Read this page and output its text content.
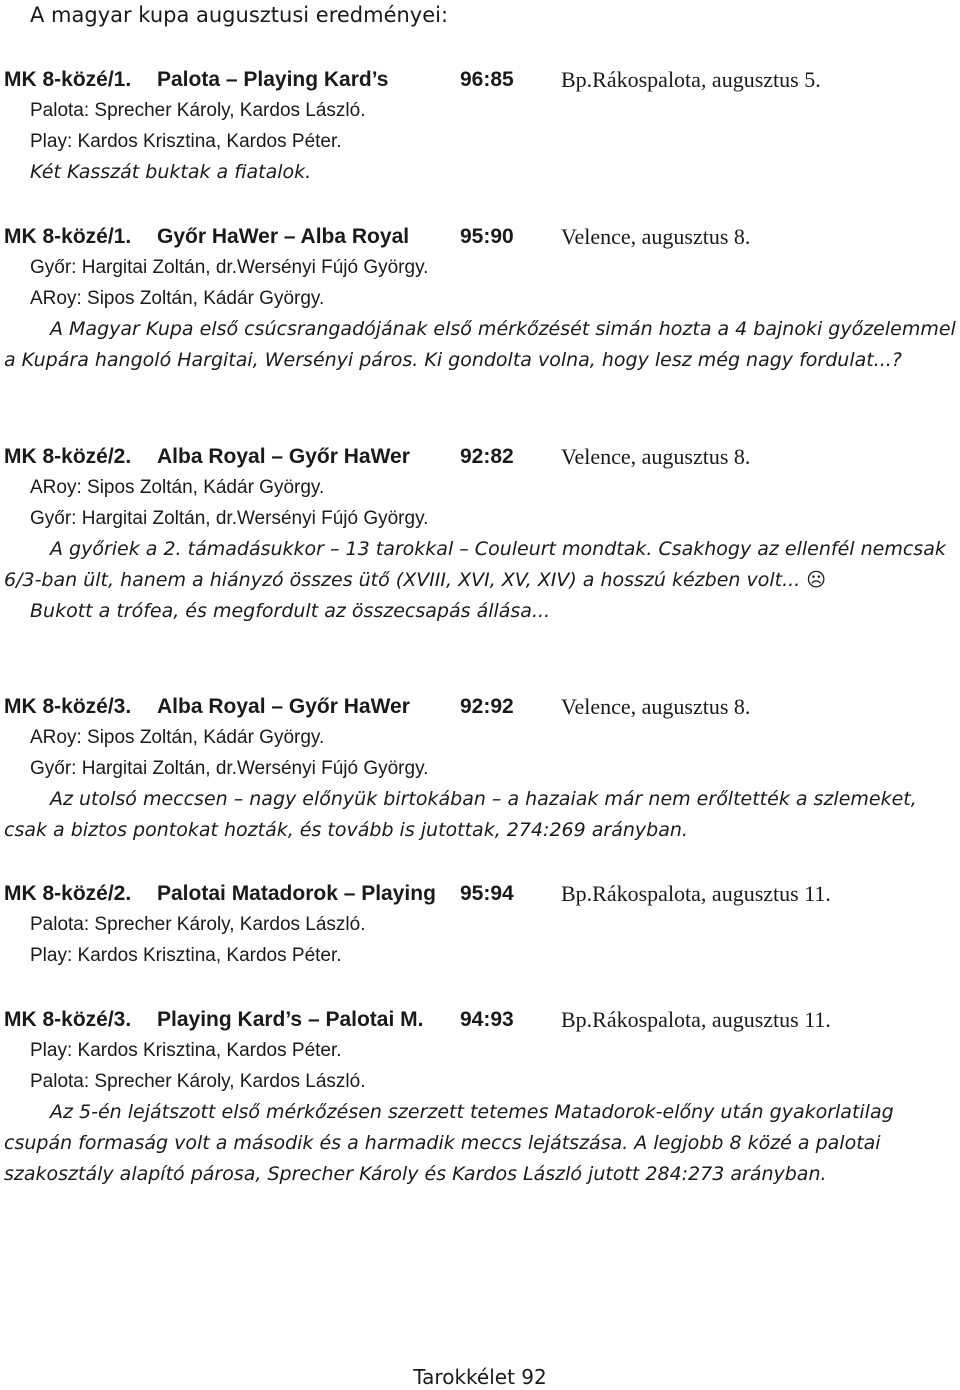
A magyar kupa augusztusi eredményei:
MK 8-közé/1. Palota – Playing Kard’s	96:85 Bp.Rákospalota, augusztus 5.
Palota: Sprecher Károly, Kardos László.
Play: Kardos Krisztina, Kardos Péter.

Két Kasszát buktak a fiatalok.

MK 8-közé/1. Győr HaWer – Alba Royal 95:90 Velence, augusztus 8.
Győr: Hargitai Zoltán, dr.Wersényi Fújó György.
ARoy: Sipos Zoltán, Kádár György.

A Magyar Kupa első csúcsrangadójának első mérkőzését simán hozta a 4 bajnoki győzelemmel a Kupára hangoló Hargitai, Wersényi páros. Ki gondolta volna, hogy lesz még nagy fordulat...?

MK 8-közé/2. Alba Royal – Győr HaWer 92:82 Velence, augusztus 8.
ARoy: Sipos Zoltán, Kádár György.
Győr: Hargitai Zoltán, dr.Wersényi Fújó György.

A győriek a 2. támadásukkor – 13 tarokkal – Couleurt mondtak. Csakhogy az ellenfél nemcsak 6/3-ban ült, hanem a hiányzó összes ütő (XVIII, XVI, XV, XIV) a hosszú kézben volt... ☹

Bukott a trófea, és megfordult az összecsapás állása...

MK 8-közé/3. Alba Royal – Győr HaWer 92:92 Velence, augusztus 8.
ARoy: Sipos Zoltán, Kádár György.
Győr: Hargitai Zoltán, dr.Wersényi Fújó György.

Az utolsó meccsen – nagy előnyük birtokában – a hazaiak már nem erőltették a szlemeket, csak a biztos pontokat hozták, és tovább is jutottak, 274:269 arányban.

MK 8-közé/2. Palotai Matadorok – Playing 95:94 Bp.Rákospalota, augusztus 11.
Palota: Sprecher Károly, Kardos László.
Play: Kardos Krisztina, Kardos Péter.
MK 8-közé/3. Playing Kard’s – Palotai M. 94:93 Bp.Rákospalota, augusztus 11.
Play: Kardos Krisztina, Kardos Péter.
Palota: Sprecher Károly, Kardos László.

Az 5-én lejátszott első mérkőzésen szerzett tetemes Matadorok-előny után gyakorlatilag csupán formaság volt a második és a harmadik meccs lejátszása. A legjobb 8 közé a palotai szakosztály alapító párosa, Sprecher Károly és Kardos László jutott 284:273 arányban.

Tarokkélet 92
